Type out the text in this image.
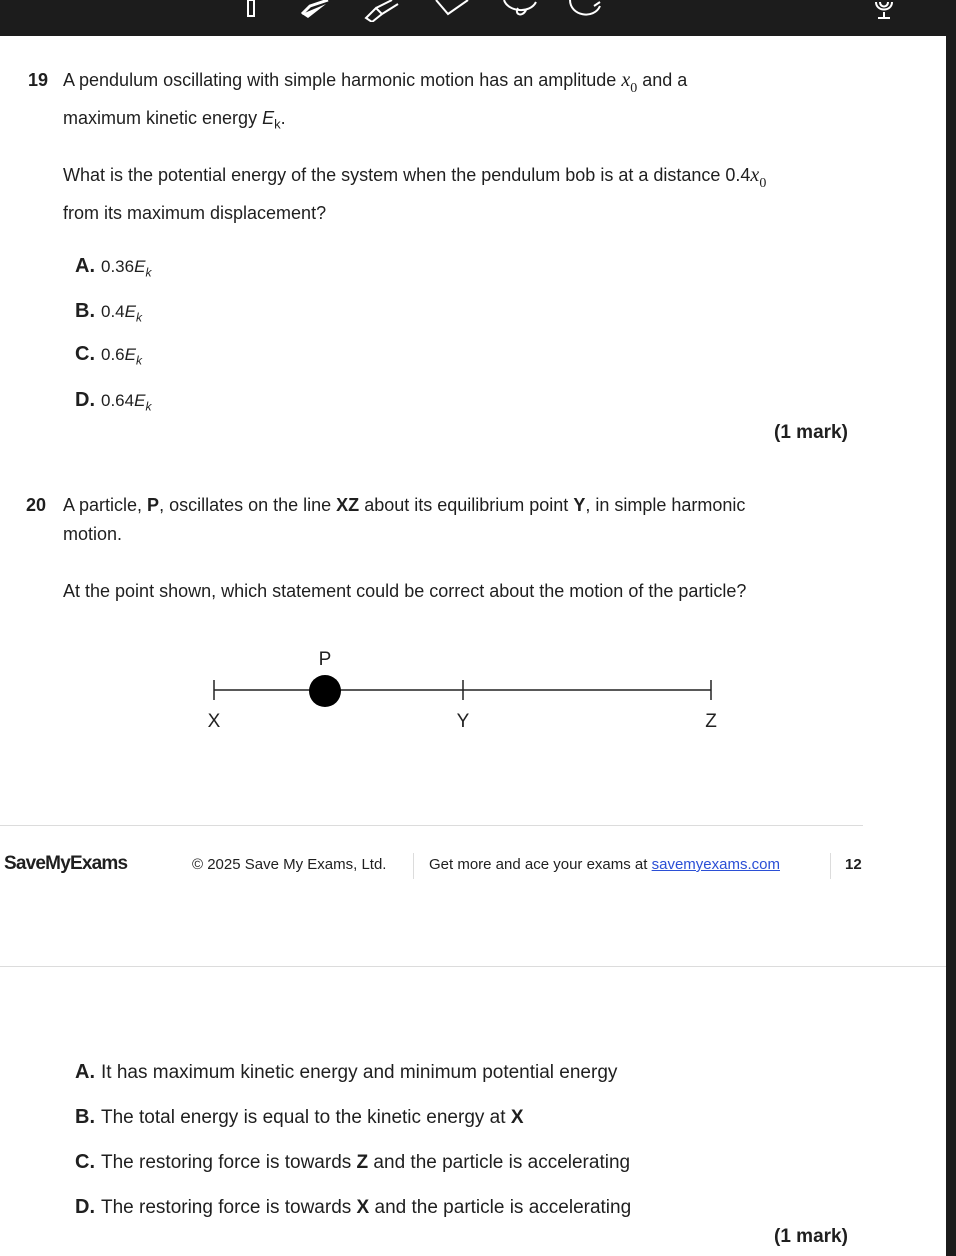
19 A pendulum oscillating with simple harmonic motion has an amplitude $x_0$ and a
maximum kinetic energy $E_k$.
What is the potential energy of the system when the pendulum bob is at a distance $0.4x_0$
from its maximum displacement?
A. $0.36E_k$
B. $0.4E_k$
C. $0.6E_k$
D. $0.64E_k$
(1 mark)
20 A particle, P, oscillates on the line XZ about its equilibrium point Y, in simple harmonic
motion.
At the point shown, which statement could be correct about the motion of the particle?
P
X	Y	Z
SaveMyExams	© 2025 Save My Exams, Ltd.	Get more and ace your exams at savemyexams.com	12
A. It has maximum kinetic energy and minimum potential energy
B. The total energy is equal to the kinetic energy at X
C. The restoring force is towards Z and the particle is accelerating
D. The restoring force is towards X and the particle is accelerating
(1 mark)
